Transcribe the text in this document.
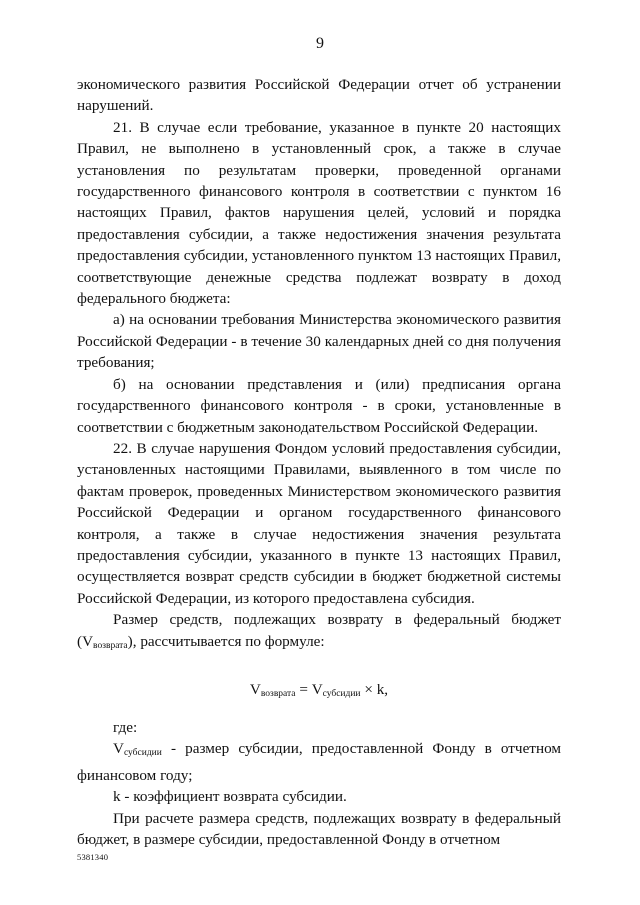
9

экономического развития Российской Федерации отчет об устранении нарушений.

21. В случае если требование, указанное в пункте 20 настоящих Правил, не выполнено в установленный срок, а также в случае установления по результатам проверки, проведенной органами государственного финансового контроля в соответствии с пунктом 16 настоящих Правил, фактов нарушения целей, условий и порядка предоставления субсидии, а также недостижения значения результата предоставления субсидии, установленного пунктом 13 настоящих Правил, соответствующие денежные средства подлежат возврату в доход федерального бюджета:

а) на основании требования Министерства экономического развития Российской Федерации - в течение 30 календарных дней со дня получения требования;

б) на основании представления и (или) предписания органа государственного финансового контроля - в сроки, установленные в соответствии с бюджетным законодательством Российской Федерации.

22. В случае нарушения Фондом условий предоставления субсидии, установленных настоящими Правилами, выявленного в том числе по фактам проверок, проведенных Министерством экономического развития Российской Федерации и органом государственного финансового контроля, а также в случае недостижения значения результата предоставления субсидии, указанного в пункте 13 настоящих Правил, осуществляется возврат средств субсидии в бюджет бюджетной системы Российской Федерации, из которого предоставлена субсидия.

Размер средств, подлежащих возврату в федеральный бюджет $(V_{возврата})$, рассчитывается по формуле:

$V_{возврата} = V_{субсидии} \times k$,

где:

$V_{субсидии}$ - размер субсидии, предоставленной Фонду в отчетном финансовом году;

k - коэффициент возврата субсидии.

При расчете размера средств, подлежащих возврату в федеральный бюджет, в размере субсидии, предоставленной Фонду в отчетном

5381340
